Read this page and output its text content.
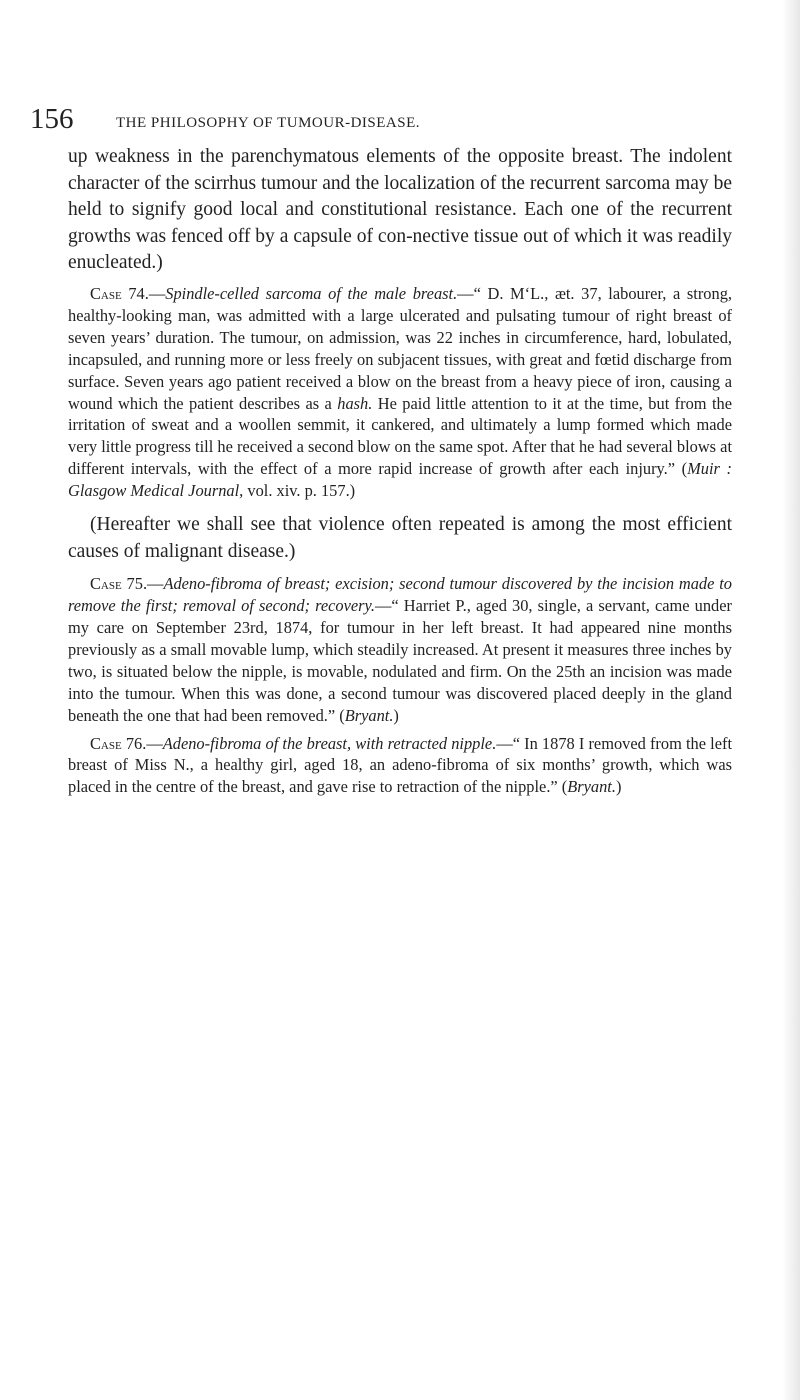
156	THE PHILOSOPHY OF TUMOUR-DISEASE.

up weakness in the parenchymatous elements of the opposite breast. The indolent character of the scirrhus tumour and the localization of the recurrent sarcoma may be held to signify good local and constitutional resistance. Each one of the recurrent growths was fenced off by a capsule of con-nective tissue out of which it was readily enucleated.)

Case 74.—Spindle-celled sarcoma of the male breast.—“ D. M‘L., æt. 37, labourer, a strong, healthy-looking man, was admitted with a large ulcerated and pulsating tumour of right breast of seven years’ duration. The tumour, on admission, was 22 inches in circumference, hard, lobulated, incapsuled, and running more or less freely on subjacent tissues, with great and fœtid discharge from surface. Seven years ago patient received a blow on the breast from a heavy piece of iron, causing a wound which the patient describes as a hash. He paid little attention to it at the time, but from the irritation of sweat and a woollen semmit, it cankered, and ultimately a lump formed which made very little progress till he received a second blow on the same spot. After that he had several blows at different intervals, with the effect of a more rapid increase of growth after each injury.” (Muir : Glasgow Medical Journal, vol. xiv. p. 157.)

(Hereafter we shall see that violence often repeated is among the most efficient causes of malignant disease.)

Case 75.—Adeno-fibroma of breast; excision; second tumour discovered by the incision made to remove the first; removal of second; recovery.—“ Harriet P., aged 30, single, a servant, came under my care on September 23rd, 1874, for tumour in her left breast. It had appeared nine months previously as a small movable lump, which steadily increased. At present it measures three inches by two, is situated below the nipple, is movable, nodulated and firm. On the 25th an incision was made into the tumour. When this was done, a second tumour was discovered placed deeply in the gland beneath the one that had been removed.” (Bryant.)

Case 76.—Adeno-fibroma of the breast, with retracted nipple.—“ In 1878 I removed from the left breast of Miss N., a healthy girl, aged 18, an adeno-fibroma of six months’ growth, which was placed in the centre of the breast, and gave rise to retraction of the nipple.” (Bryant.)
